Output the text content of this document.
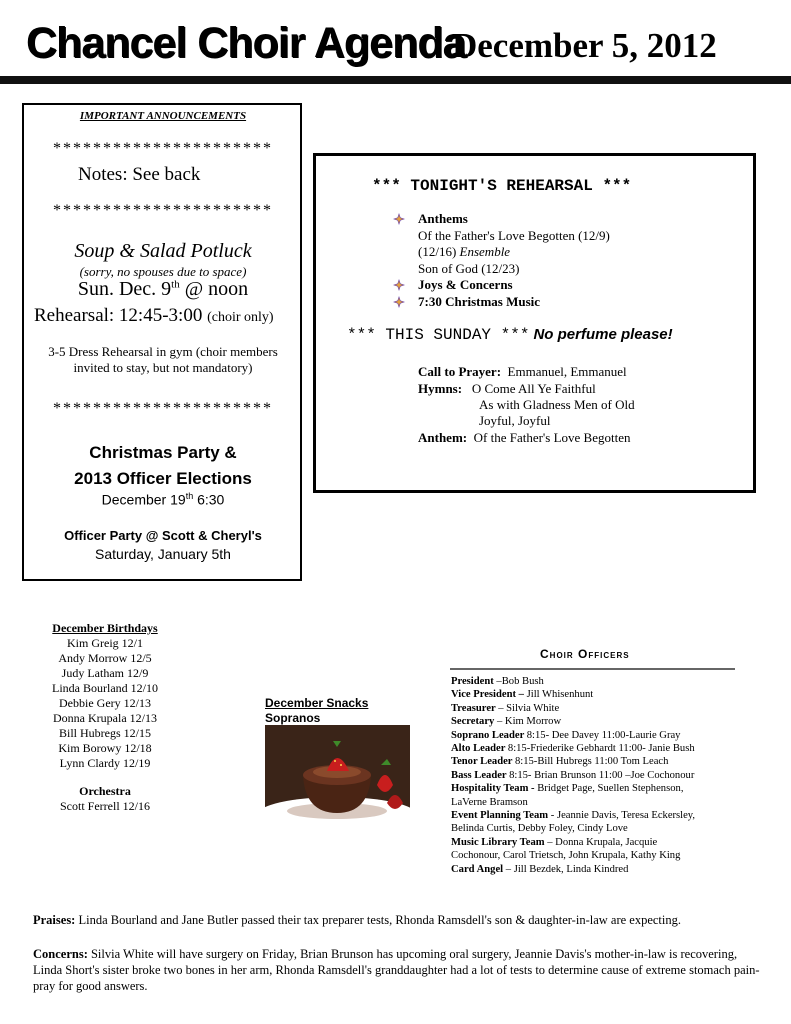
Chancel Choir Agenda
December 5, 2012
IMPORTANT ANNOUNCEMENTS
**********************
Notes: See back
**********************
Soup & Salad Potluck
(sorry, no spouses due to space)
Sun. Dec. 9th @ noon
Rehearsal: 12:45-3:00 (choir only)
3-5 Dress Rehearsal in gym (choir members
invited to stay, but not mandatory)
**********************
Christmas Party &
2013 Officer Elections
December 19th 6:30
Officer Party @ Scott & Cheryl's
Saturday, January 5th
*** TONIGHT'S REHEARSAL ***
Anthems
Of the Father's Love Begotten (12/9)
(12/16) Ensemble
Son of God (12/23)
Joys & Concerns
7:30 Christmas Music
*** THIS SUNDAY *** No perfume please!
Call to Prayer: Emmanuel, Emmanuel
Hymns: O Come All Ye Faithful
As with Gladness Men of Old
Joyful, Joyful
Anthem: Of the Father's Love Begotten
December Birthdays
Kim Greig 12/1
Andy Morrow 12/5
Judy Latham 12/9
Linda Bourland 12/10
Debbie Gery 12/13
Donna Krupala 12/13
Bill Hubregs 12/15
Kim Borowy 12/18
Lynn Clardy 12/19
Orchestra
Scott Ferrell 12/16
December Snacks
Sopranos
Choir Officers
President –Bob Bush
Vice President – Jill Whisenhunt
Treasurer – Silvia White
Secretary – Kim Morrow
Soprano Leader 8:15- Dee Davey 11:00-Laurie Gray
Alto Leader 8:15-Friederike Gebhardt 11:00- Janie Bush
Tenor Leader 8:15-Bill Hubregs 11:00 Tom Leach
Bass Leader 8:15- Brian Brunson 11:00 –Joe Cochonour
Hospitality Team - Bridget Page, Suellen Stephenson,
LaVerne Bramson
Event Planning Team - Jeannie Davis, Teresa Eckersley,
Belinda Curtis, Debby Foley, Cindy Love
Music Library Team – Donna Krupala, Jacquie
Cochonour, Carol Trietsch, John Krupala, Kathy King
Card Angel – Jill Bezdek, Linda Kindred
Praises: Linda Bourland and Jane Butler passed their tax preparer tests, Rhonda Ramsdell's son & daughter-in-law are expecting.
Concerns: Silvia White will have surgery on Friday, Brian Brunson has upcoming oral surgery, Jeannie Davis's mother-in-law is recovering, Linda Short's sister broke two bones in her arm, Rhonda Ramsdell's granddaughter had a lot of tests to determine cause of extreme stomach pain-pray for good answers.
